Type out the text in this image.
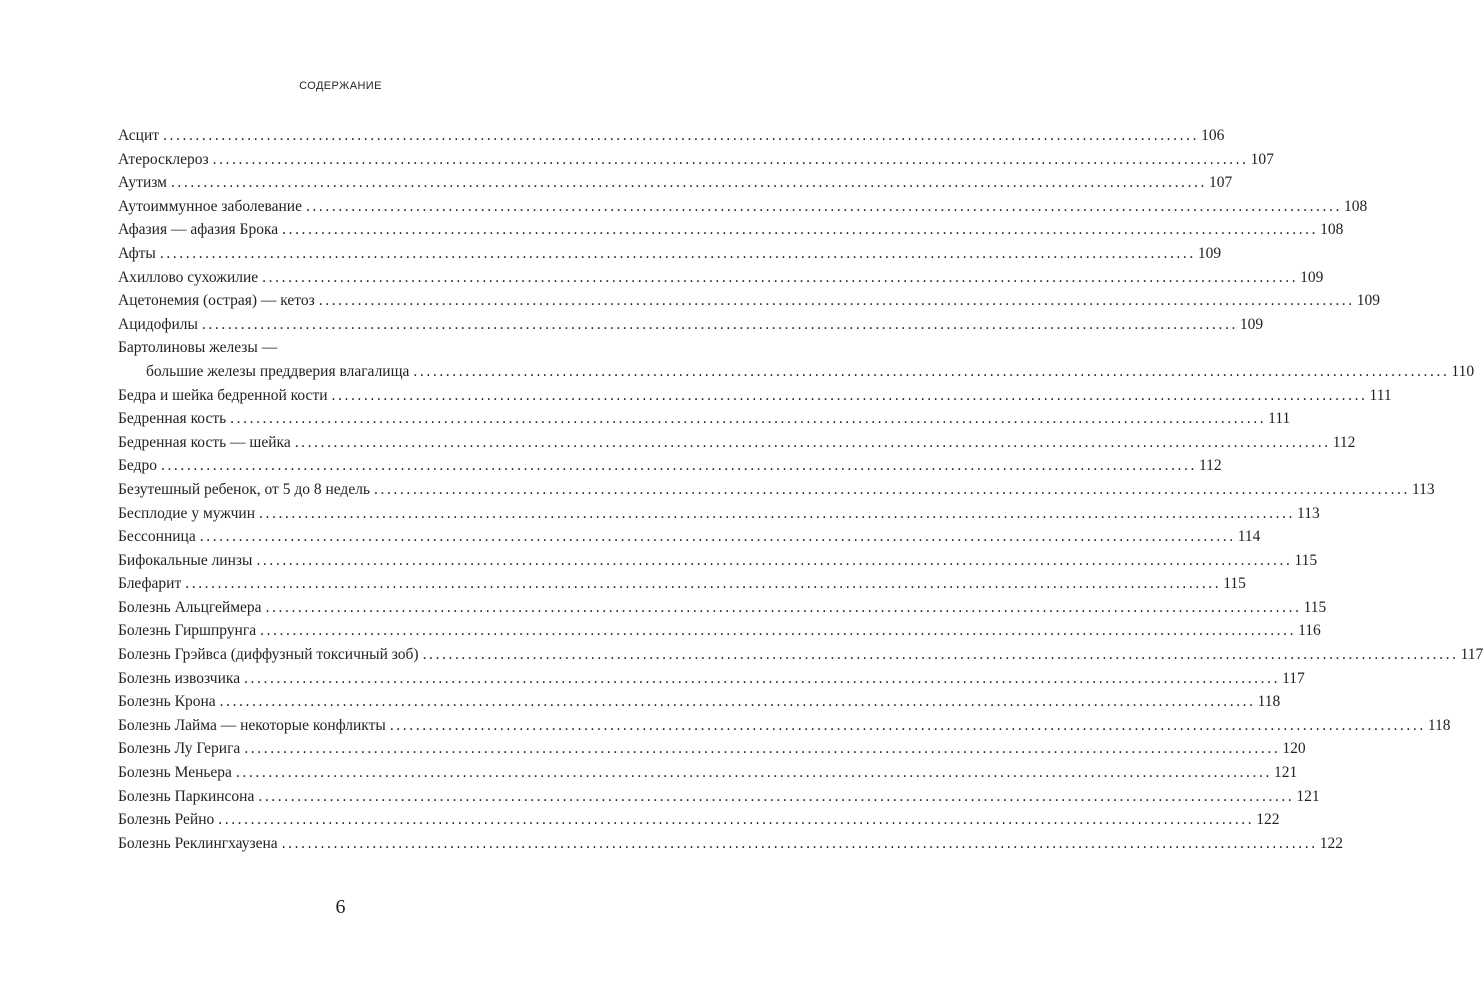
СОДЕРЖАНИЕ
Асцит ................................................................................................................................................................ 106
Атеросклероз ................................................................................................................................................................ 107
Аутизм ................................................................................................................................................................ 107
Аутоиммунное заболевание ................................................................................................................................................................ 108
Афазия — афазия Брока ................................................................................................................................................................ 108
Афты ................................................................................................................................................................ 109
Ахиллово сухожилие ................................................................................................................................................................ 109
Ацетонемия (острая) — кетоз ................................................................................................................................................................ 109
Ацидофилы ................................................................................................................................................................ 109
Бартолиновы железы —
большие железы преддверия влагалища ................................................................................................................................................................ 110
Бедра и шейка бедренной кости ................................................................................................................................................................ 111
Бедренная кость ................................................................................................................................................................ 111
Бедренная кость — шейка ................................................................................................................................................................ 112
Бедро ................................................................................................................................................................ 112
Безутешный ребенок, от 5 до 8 недель ................................................................................................................................................................ 113
Бесплодие у мужчин ................................................................................................................................................................ 113
Бессонница ................................................................................................................................................................ 114
Бифокальные линзы ................................................................................................................................................................ 115
Блефарит ................................................................................................................................................................ 115
Болезнь Альцгеймера ................................................................................................................................................................ 115
Болезнь Гиршпрунга ................................................................................................................................................................ 116
Болезнь Грэйвса (диффузный токсичный зоб) ................................................................................................................................................................ 117
Болезнь извозчика ................................................................................................................................................................ 117
Болезнь Крона ................................................................................................................................................................ 118
Болезнь Лайма — некоторые конфликты ................................................................................................................................................................ 118
Болезнь Лу Герига ................................................................................................................................................................ 120
Болезнь Меньера ................................................................................................................................................................ 121
Болезнь Паркинсона ................................................................................................................................................................ 121
Болезнь Рейно ................................................................................................................................................................ 122
Болезнь Реклингхаузена ................................................................................................................................................................ 122
6
